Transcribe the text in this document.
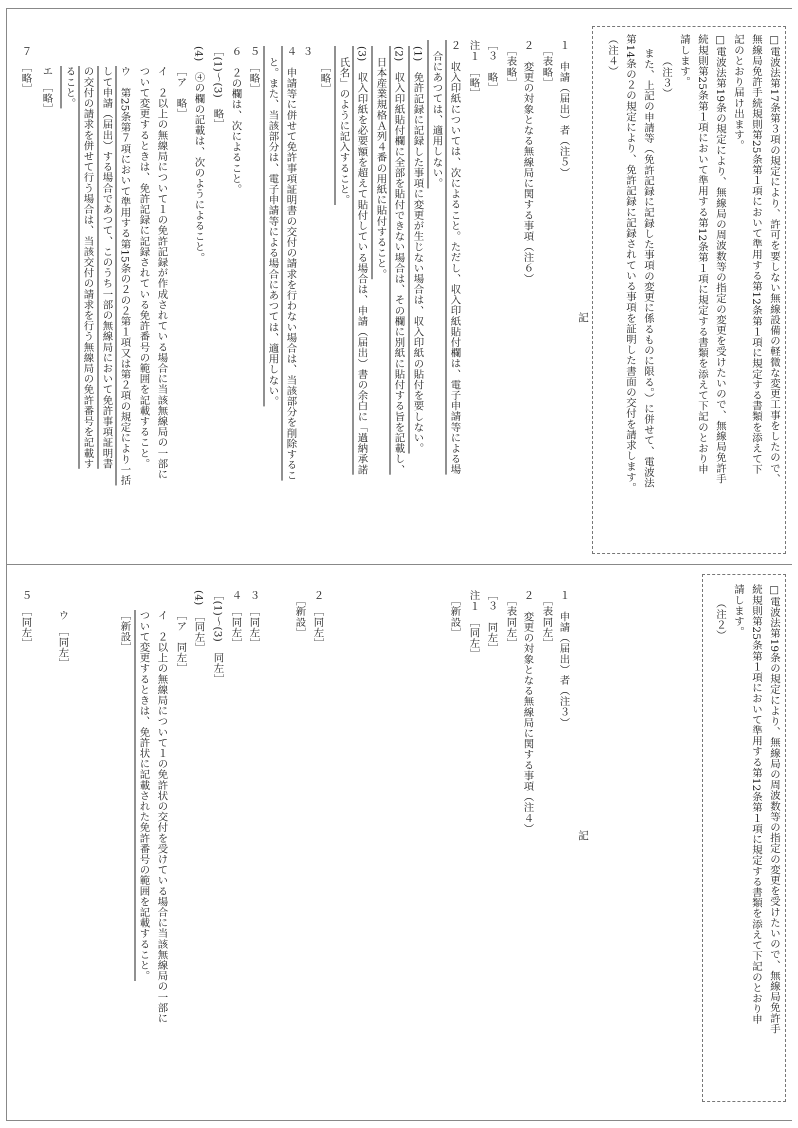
□電波法第17条第３項の規定により、許可を要しない無線設備の軽微な変更工事をしたので、
無線局免許手続規則第25条第１項において準用する第12条第１項に規定する書類を添えて下
記のとおり届け出ます。
□電波法第19条の規定により、無線局の周波数等の指定の変更を受けたいので、無線局免許手
続規則第25条第１項において準用する第12条第１項に規定する書類を添えて下記のとおり申
請します。
（注３）
また、上記の申請等（免許記録に記録した事項の変更に係るものに限る。）に併せて、電波法
第14条の２の規定により、免許記録に記録されている事項を証明した書面の交付を請求します。
（注４）
記
１　申請（届出）者（注５）
　［表略］
２　変更の対象となる無線局に関する事項（注６）
　［表略］
［３　略］
注１　［略］
２　収入印紙については、次によること。ただし、収入印紙貼付欄は、電子申請等による場
　合にあつては、適用しない。
(1)　免許記録に記録した事項に変更が生じない場合は、収入印紙の貼付を要しない。
(2)　収入印紙貼付欄に全部を貼付できない場合は、その欄に別紙に貼付する旨を記載し、
　日本産業規格Ａ列４番の用紙に貼付すること。
(3)　収入印紙を必要額を超えて貼付している場合は、申請（届出）書の余白に「過納承諾
　氏名」のように記入すること。
［略］
３
４　申請等に併せて免許事項証明書の交付の請求を行わない場合は、当該部分を削除するこ
　と。また、当該部分は、電子申請等による場合にあつては、適用しない。
５　［略］
６　２の欄は、次によること。
［(1)～(3)　略］
(4)　④の欄の記載は、次のようによること。
［ア　略］
イ　２以上の無線局について１の免許記録が作成されている場合に当該無線局の一部に
ついて変更するときは、免許記録に記録されている免許番号の範囲を記載すること。
ウ　第25条第７項において準用する第15条の２の２第１項又は第２項の規定により一括
して申請（届出）する場合であつて、このうち一部の無線局において免許事項証明書
の交付の請求を併せて行う場合は、当該交付の請求を行う無線局の免許番号を記載す
ること。
エ　［略］
７　［略］
□電波法第19条の規定により、無線局の周波数等の指定の変更を受けたいので、無線局免許手
続規則第25条第１項において準用する第12条第１項に規定する書類を添えて下記のとおり申
請します。
（注２）
記
１　申請（届出）者（注３）
　［表同左］
２　変更の対象となる無線局に関する事項（注４）
　［表同左］
［３　同左］
注１　［同左］
　［新設］
２　［同左］
　［新設］
３　［同左］
４　［同左］
［(1)～(3)　同左］
(4)　［同左］
［ア　同左］
イ　２以上の無線局について１の免許状の交付を受けている場合に当該無線局の一部に
ついて変更するときは、免許状に記載された免許番号の範囲を記載すること。
［新設］
ウ　［同左］
５　［同左］
